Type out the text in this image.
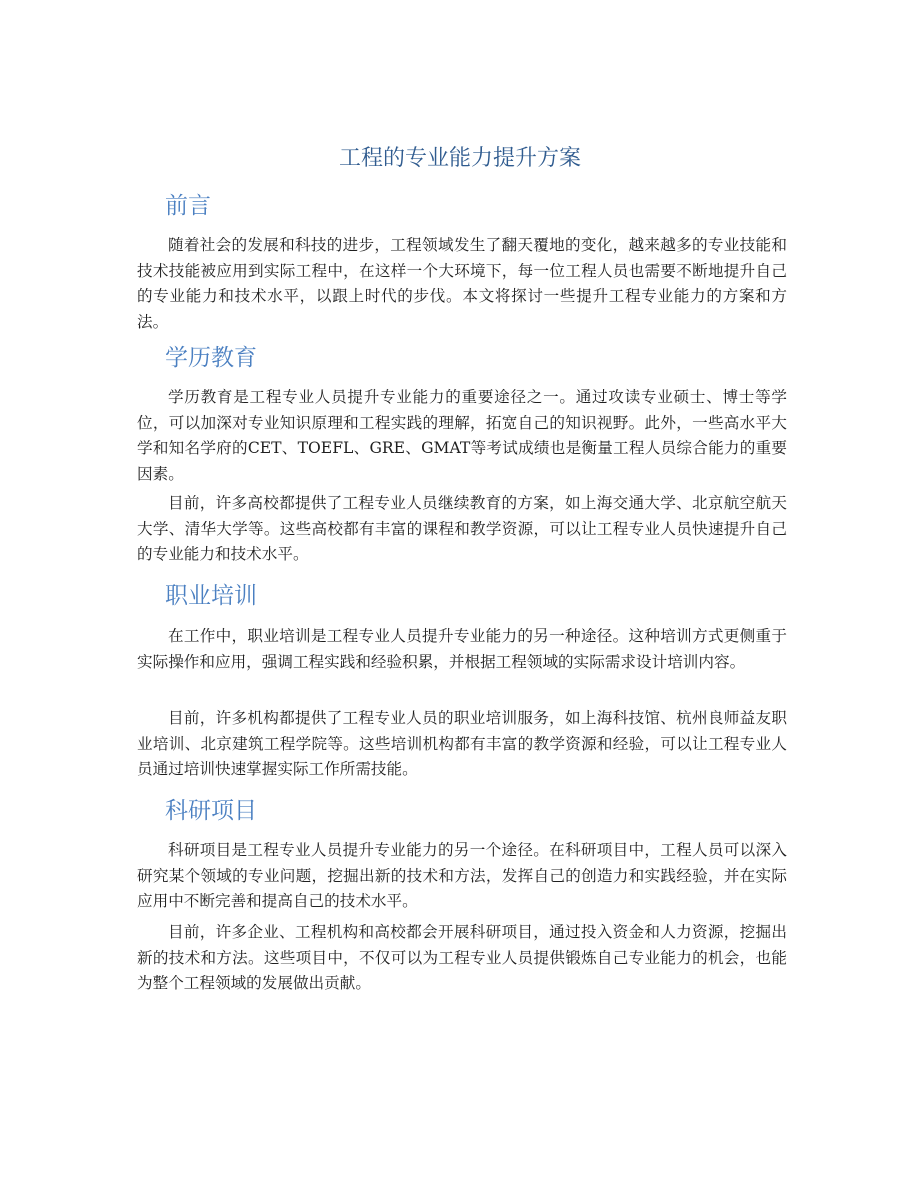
工程的专业能力提升方案
前言

随着社会的发展和科技的进步，工程领域发生了翻天覆地的变化，越来越多的专业技能和技术技能被应用到实际工程中，在这样一个大环境下，每一位工程人员也需要不断地提升自己的专业能力和技术水平，以跟上时代的步伐。本文将探讨一些提升工程专业能力的方案和方法。

学历教育

学历教育是工程专业人员提升专业能力的重要途径之一。通过攻读专业硕士、博士等学位，可以加深对专业知识原理和工程实践的理解，拓宽自己的知识视野。此外，一些高水平大学和知名学府的CET、TOEFL、GRE、GMAT等考试成绩也是衡量工程人员综合能力的重要因素。

目前，许多高校都提供了工程专业人员继续教育的方案，如上海交通大学、北京航空航天大学、清华大学等。这些高校都有丰富的课程和教学资源，可以让工程专业人员快速提升自己的专业能力和技术水平。

职业培训

在工作中，职业培训是工程专业人员提升专业能力的另一种途径。这种培训方式更侧重于实际操作和应用，强调工程实践和经验积累，并根据工程领域的实际需求设计培训内容。

目前，许多机构都提供了工程专业人员的职业培训服务，如上海科技馆、杭州良师益友职业培训、北京建筑工程学院等。这些培训机构都有丰富的教学资源和经验，可以让工程专业人员通过培训快速掌握实际工作所需技能。

科研项目

科研项目是工程专业人员提升专业能力的另一个途径。在科研项目中，工程人员可以深入研究某个领域的专业问题，挖掘出新的技术和方法，发挥自己的创造力和实践经验，并在实际应用中不断完善和提高自己的技术水平。

目前，许多企业、工程机构和高校都会开展科研项目，通过投入资金和人力资源，挖掘出新的技术和方法。这些项目中，不仅可以为工程专业人员提供锻炼自己专业能力的机会，也能为整个工程领域的发展做出贡献。
